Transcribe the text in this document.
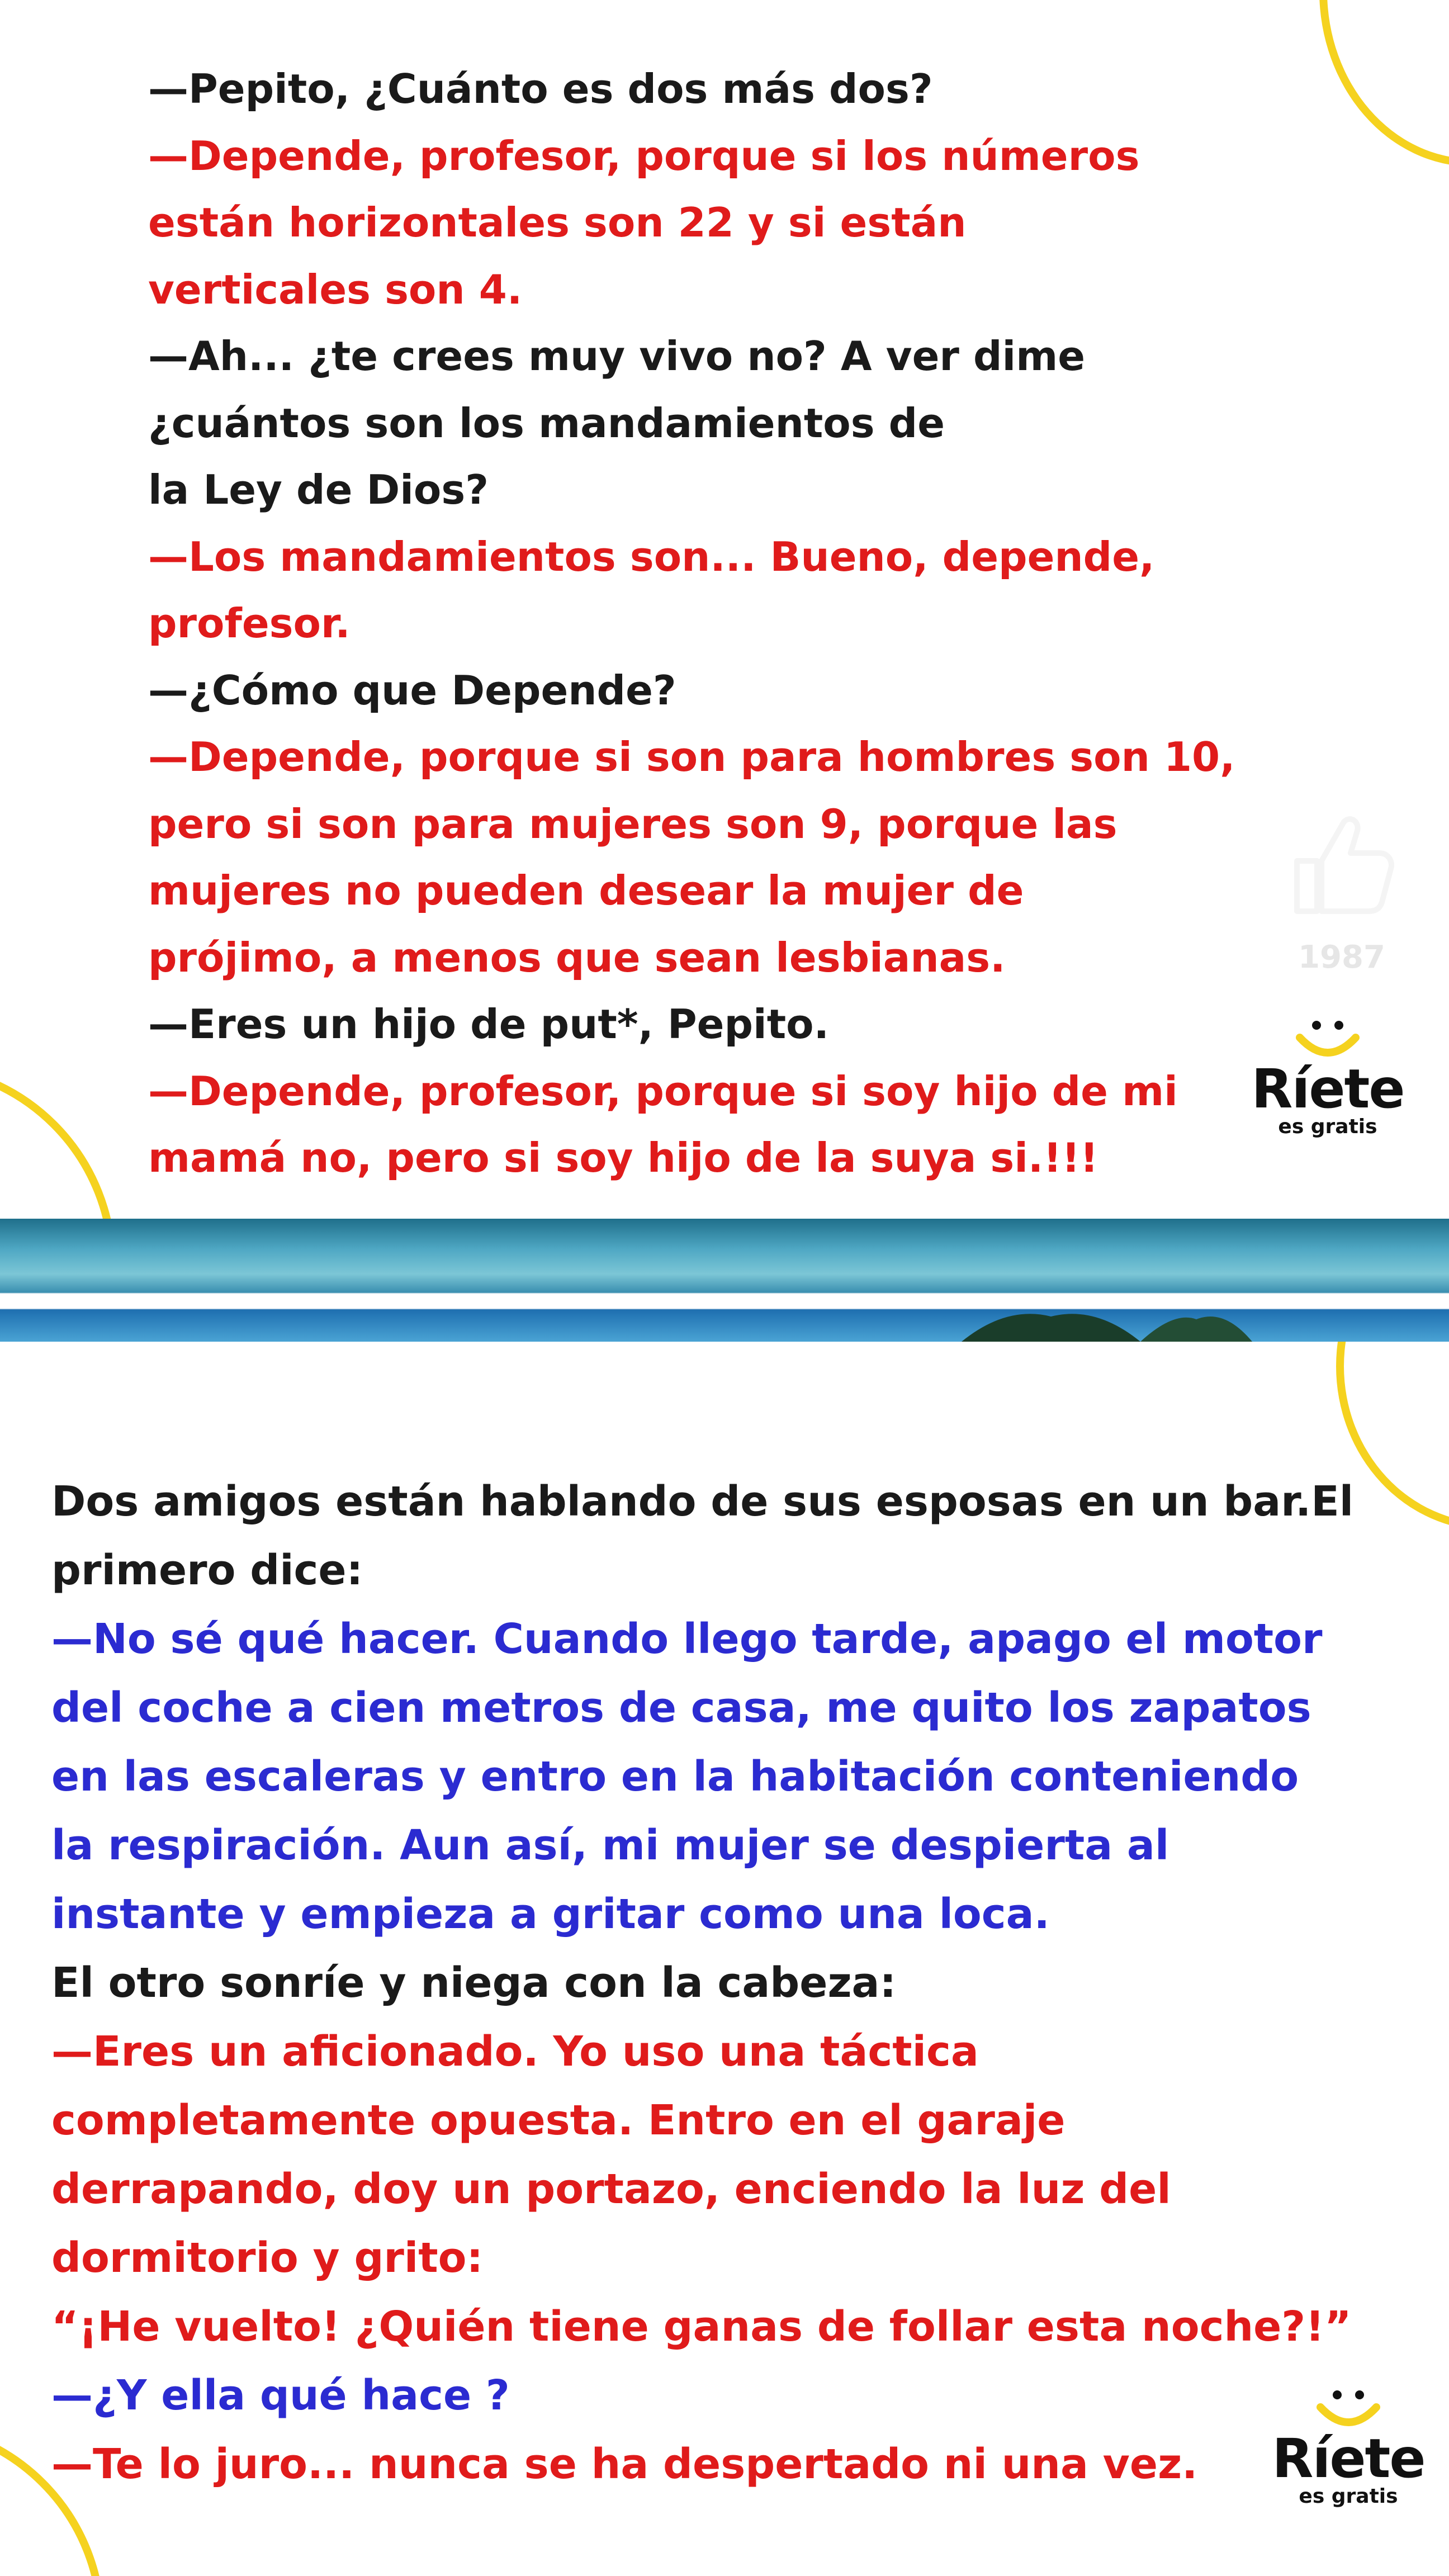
—Pepito, ¿Cuánto es dos más dos?
—Depende, profesor, porque si los números
están horizontales son 22 y si están
verticales son 4.
—Ah... ¿te crees muy vivo no? A ver dime
¿cuántos son los mandamientos de
la Ley de Dios?
—Los mandamientos son... Bueno, depende,
profesor.
—¿Cómo que Depende?
—Depende, porque si son para hombres son 10,
pero si son para mujeres son 9, porque las
mujeres no pueden desear la mujer de
prójimo, a menos que sean lesbianas.
—Eres un hijo de put*, Pepito.
—Depende, profesor, porque si soy hijo de mi
mamá no, pero si soy hijo de la suya si.!!!
1987
Ríete
es gratis
Dos amigos están hablando de sus esposas en un bar.El
primero dice:
—No sé qué hacer. Cuando llego tarde, apago el motor
del coche a cien metros de casa, me quito los zapatos
en las escaleras y entro en la habitación conteniendo
la respiración. Aun así, mi mujer se despierta al
instante y empieza a gritar como una loca.
El otro sonríe y niega con la cabeza:
—Eres un aficionado. Yo uso una táctica
completamente opuesta. Entro en el garaje
derrapando, doy un portazo, enciendo la luz del
dormitorio y grito:
“¡He vuelto! ¿Quién tiene ganas de follar esta noche?!”
—¿Y ella qué hace ?
—Te lo juro... nunca se ha despertado ni una vez.	Ríete
es gratis
